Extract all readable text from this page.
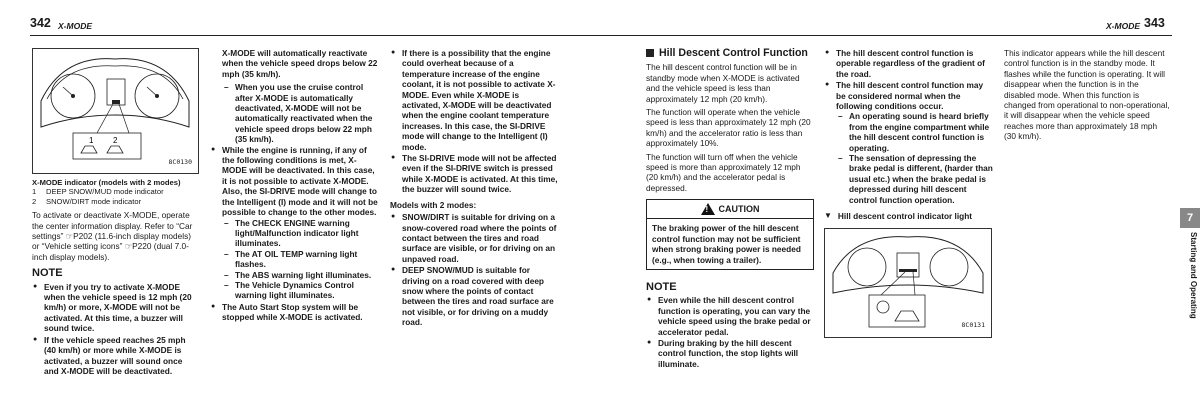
342 X-MODE
1 2
8C0130
X-MODE indicator (models with 2 modes)
1	DEEP SNOW/MUD mode indicator
2	SNOW/DIRT mode indicator

To activate or deactivate X-MODE, operate the center information display. Refer to “Car settings” ☞P202 (11.6-inch display models) or “Vehicle setting icons” ☞P220 (dual 7.0-inch display models).

NOTE
● Even if you try to activate X-MODE when the vehicle speed is 12 mph (20 km/h) or more, X-MODE will not be activated. At this time, a buzzer will sound twice.
● If the vehicle speed reaches 25 mph (40 km/h) or more while X-MODE is activated, a buzzer will sound once and X-MODE will be deactivated.

X-MODE will automatically reactivate when the vehicle speed drops below 22 mph (35 km/h).

– When you use the cruise control after X-MODE is automatically deactivated, X-MODE will not be automatically reactivated when the vehicle speed drops below 22 mph (35 km/h).
● While the engine is running, if any of the following conditions is met, X-MODE will be deactivated. In this case, it is not possible to activate X-MODE. Also, the SI-DRIVE mode will change to the Intelligent (I) mode and it will not be possible to change to the other modes.
– The CHECK ENGINE warning light/Malfunction indicator light illuminates.
– The AT OIL TEMP warning light flashes.
– The ABS warning light illuminates.
– The Vehicle Dynamics Control warning light illuminates.
● The Auto Start Stop system will be stopped while X-MODE is activated.
● If there is a possibility that the engine could overheat because of a temperature increase of the engine coolant, it is not possible to activate X-MODE. Even while X-MODE is activated, X-MODE will be deactivated when the engine coolant temperature increases. In this case, the SI-DRIVE mode will change to the Intelligent (I) mode.
● The SI-DRIVE mode will not be affected even if the SI-DRIVE switch is pressed while X-MODE is activated. At this time, the buzzer will sound twice.
Models with 2 modes:
● SNOW/DIRT is suitable for driving on a snow-covered road where the points of contact between the tires and road surface are visible, or for driving on an unpaved road.
● DEEP SNOW/MUD is suitable for driving on a road covered with deep snow where the points of contact between the tires and road surface are not visible, or for driving on a muddy road.
X-MODE 343
Hill Descent Control Function

The hill descent control function will be in standby mode when X-MODE is activated and the vehicle speed is less than approximately 12 mph (20 km/h).

The function will operate when the vehicle speed is less than approximately 12 mph (20 km/h) and the accelerator ratio is less than approximately 10%.

The function will turn off when the vehicle speed is more than approximately 12 mph (20 km/h) and the accelerator pedal is depressed.

!
CAUTION
The braking power of the hill descent control function may not be sufficient when strong braking power is needed (e.g., when towing a trailer).
NOTE
● Even while the hill descent control function is operating, you can vary the vehicle speed using the brake pedal or accelerator pedal.
● During braking by the hill descent control function, the stop lights will illuminate.
● The hill descent control function is operable regardless of the gradient of the road.
● The hill descent control function may be considered normal when the following conditions occur.
– An operating sound is heard briefly from the engine compartment while the hill descent control function is operating.
– The sensation of depressing the brake pedal is different, (harder than usual etc.) when the brake pedal is depressed during hill descent control function operation.
▼ Hill descent control indicator light
8C0131

This indicator appears while the hill descent control function is in the standby mode. It flashes while the function is operating. It will disappear when the function is in the disabled mode. When this function is changed from operational to non-operational, it will disappear when the vehicle speed reaches more than approximately 18 mph (30 km/h).

7
Starting and Operating
